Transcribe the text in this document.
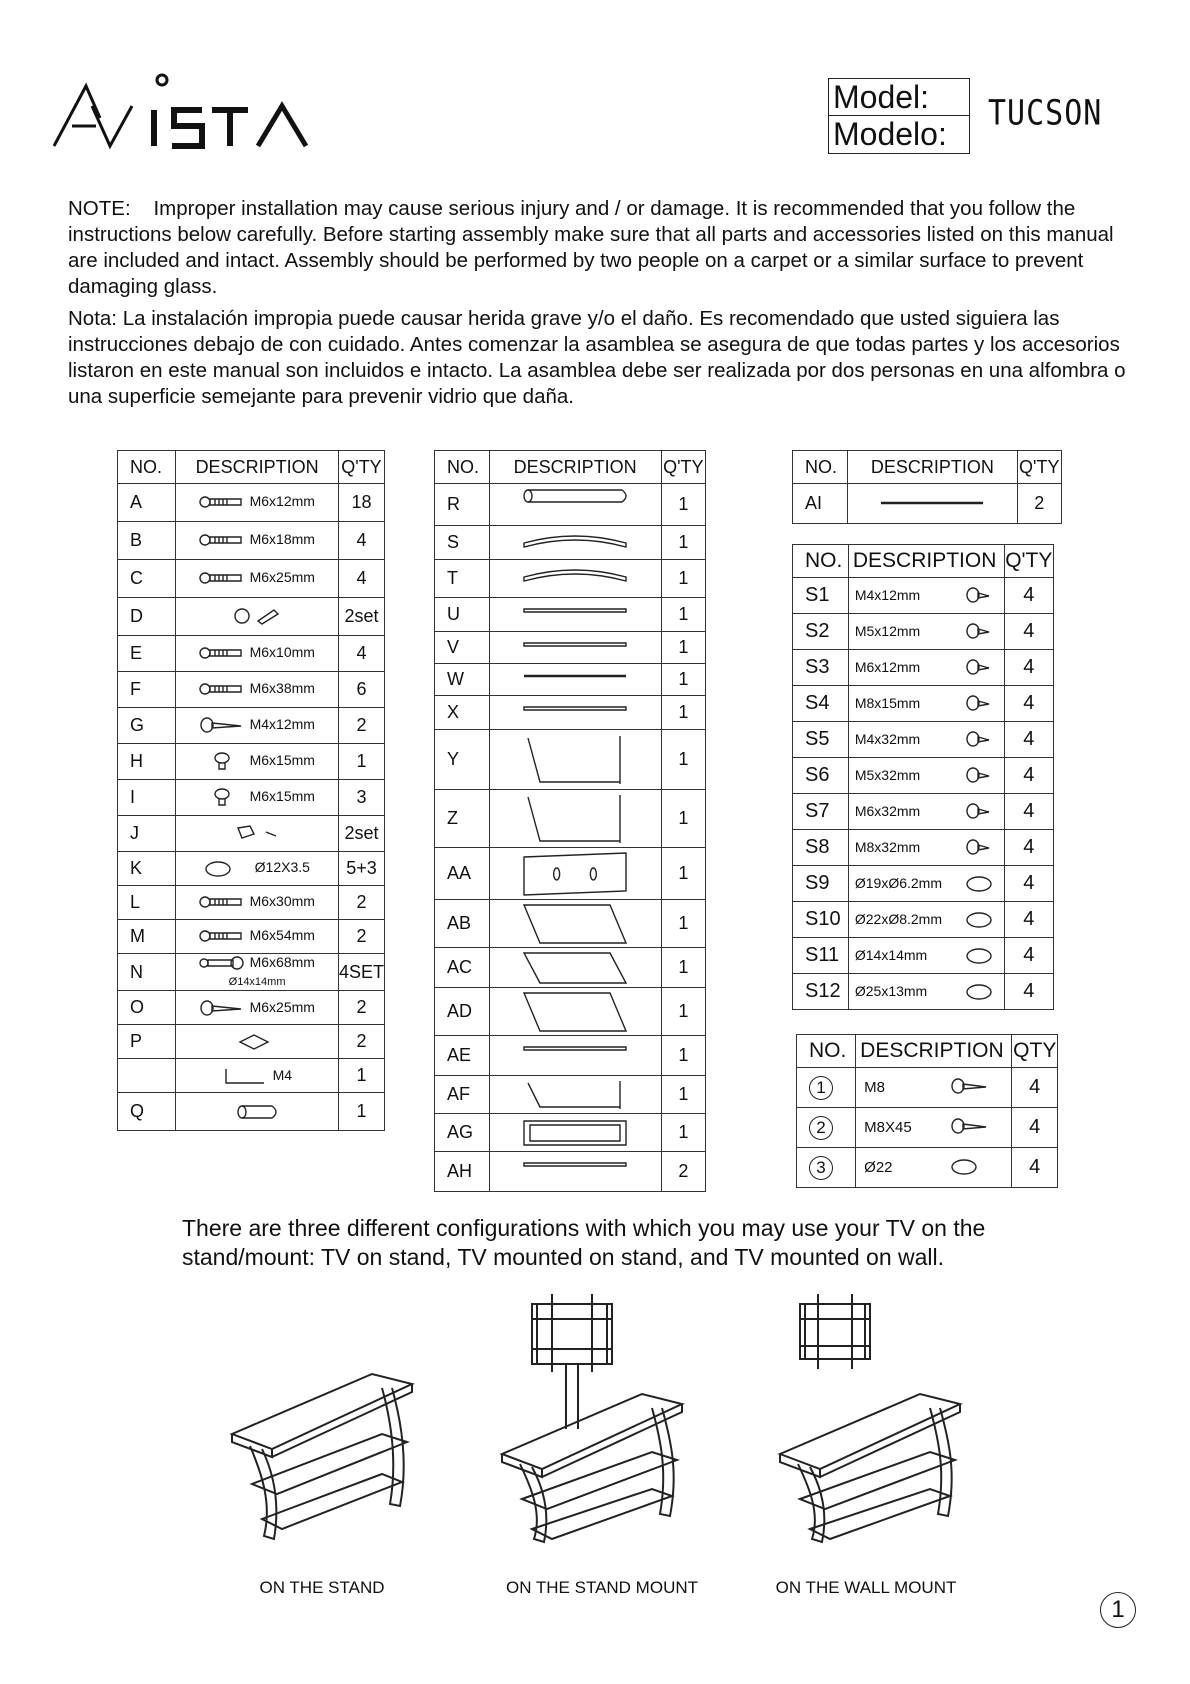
Model:
Modelo:
TUCSON
NOTE: Improper installation may cause serious injury and / or damage. It is recommended that you follow the instructions below carefully. Before starting assembly make sure that all parts and accessories listed on this manual are included and intact. Assembly should be performed by two people on a carpet or a similar surface to prevent damaging glass.
Nota: La instalación impropia puede causar herida grave y/o el daño. Es recomendado que usted siguiera las instrucciones debajo de con cuidado. Antes comenzar la asamblea se asegura de que todas partes y los accesorios listaron en este manual son incluidos e intacto. La asamblea debe ser realizada por dos personas en una alfombra o una superficie semejante para prevenir vidrio que daña.
NO.	DESCRIPTION	Q'TY
A	M6x12mm	18
B	M6x18mm	4
C	M6x25mm	4
D		2set
E	M6x10mm	4
F	M6x38mm	6
G	M4x12mm	2
H	M6x15mm	1
I	M6x15mm	3
J		2set
K	Ø12X3.5	5+3
L	M6x30mm	2
M	M6x54mm	2
N	M6x68mm Ø14x14mm	4SET
O	M6x25mm	2
P		2
	M4	1
Q		1
NO.	DESCRIPTION	Q'TY
R		1
S		1
T		1
U		1
V		1
W		1
X		1
Y		1
Z		1
AA		1
AB		1
AC		1
AD		1
AE		1
AF		1
AG		1
AH		2
NO.	DESCRIPTION	Q'TY
AI		2
NO.	DESCRIPTION	Q'TY
S1	M4x12mm	4
S2	M5x12mm	4
S3	M6x12mm	4
S4	M8x15mm	4
S5	M4x32mm	4
S6	M5x32mm	4
S7	M6x32mm	4
S8	M8x32mm	4
S9	Ø19xØ6.2mm	4
S10	Ø22xØ8.2mm	4
S11	Ø14x14mm	4
S12	Ø25x13mm	4
NO.	DESCRIPTION	QTY
1	M8	4
2	M8X45	4
3	Ø22	4
There are three different configurations with which you may use your TV on the stand/mount: TV on stand, TV mounted on stand, and TV mounted on wall.
ON THE STAND	ON THE STAND MOUNT	ON THE WALL MOUNT
1
